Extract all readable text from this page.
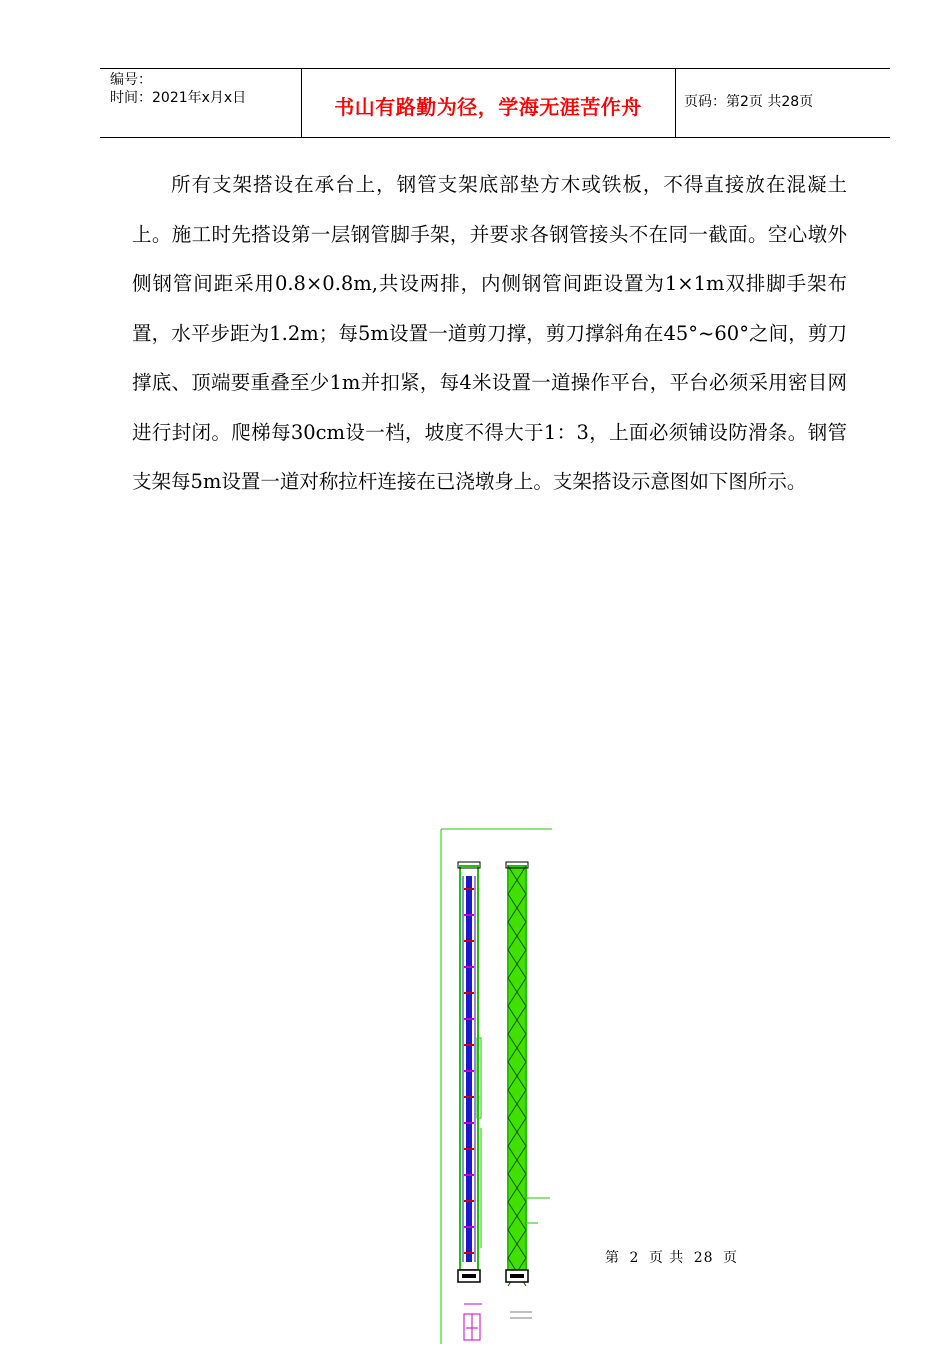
编号：
时间：2021年x月x日	书山有路勤为径，学海无涯苦作舟	页码：第2页 共28页

所有支架搭设在承台上，钢管支架底部垫方木或铁板，不得直接放在混凝土上。施工时先搭设第一层钢管脚手架，并要求各钢管接头不在同一截面。空心墩外侧钢管间距采用0.8×0.8m,共设两排，内侧钢管间距设置为1×1m双排脚手架布置，水平步距为1.2m；每5m设置一道剪刀撑，剪刀撑斜角在45°~60°之间，剪刀撑底、顶端要重叠至少1m并扣紧，每4米设置一道操作平台，平台必须采用密目网进行封闭。爬梯每30cm设一档，坡度不得大于1：3，上面必须铺设防滑条。钢管支架每5m设置一道对称拉杆连接在已浇墩身上。支架搭设示意图如下图所示。

第 2 页 共 28 页
